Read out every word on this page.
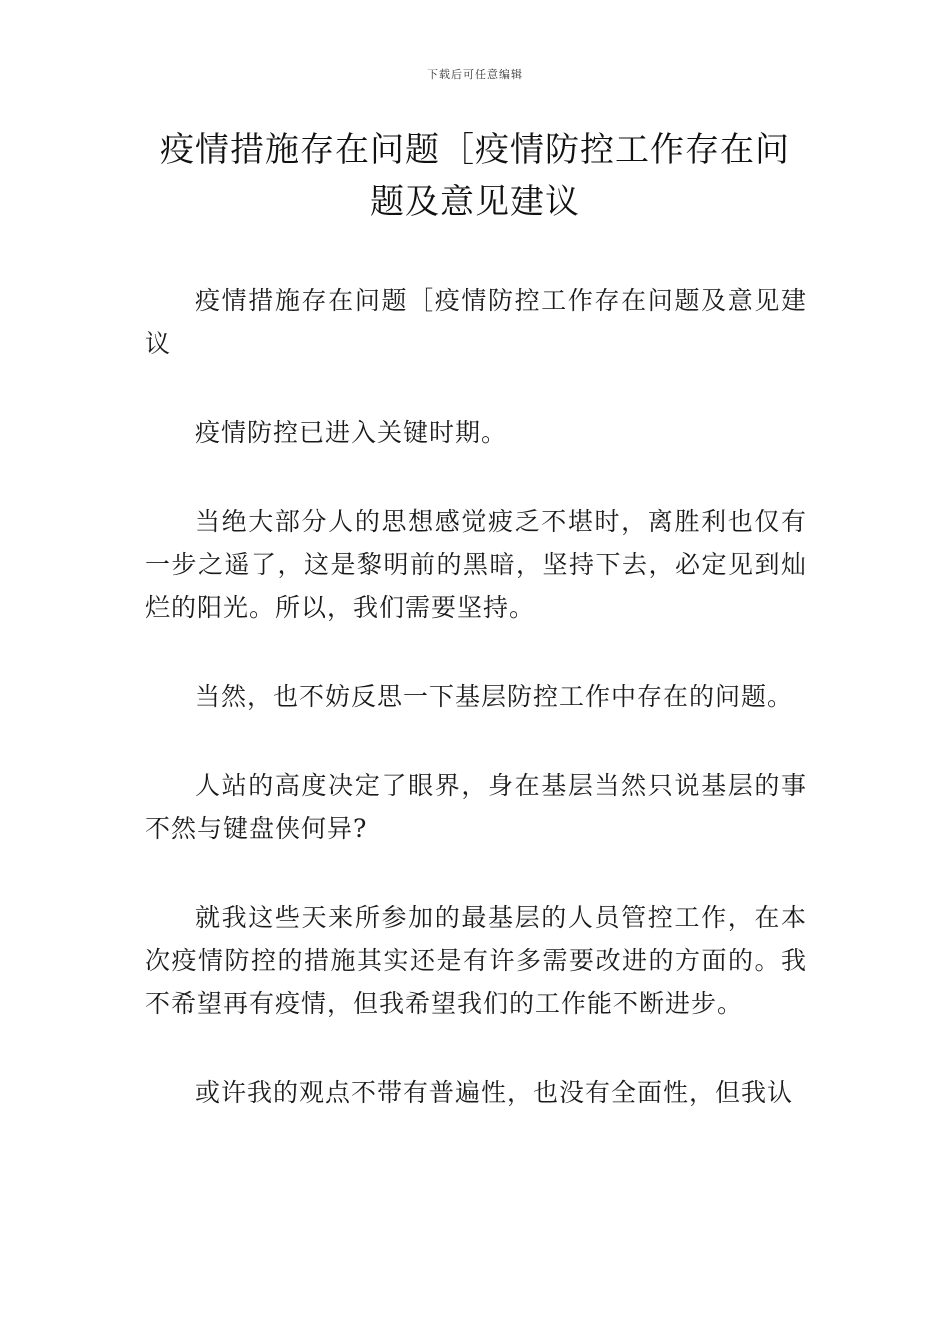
下载后可任意编辑
疫情措施存在问题［疫情防控工作存在问题及意见建议

疫情措施存在问题［疫情防控工作存在问题及意见建议

疫情防控已进入关键时期。

当绝大部分人的思想感觉疲乏不堪时，离胜利也仅有一步之遥了，这是黎明前的黑暗，坚持下去，必定见到灿烂的阳光。所以，我们需要坚持。

当然，也不妨反思一下基层防控工作中存在的问题。

人站的高度决定了眼界，身在基层当然只说基层的事不然与键盘侠何异?

就我这些天来所参加的最基层的人员管控工作，在本次疫情防控的措施其实还是有许多需要改进的方面的。我不希望再有疫情，但我希望我们的工作能不断进步。

或许我的观点不带有普遍性，也没有全面性，但我认
